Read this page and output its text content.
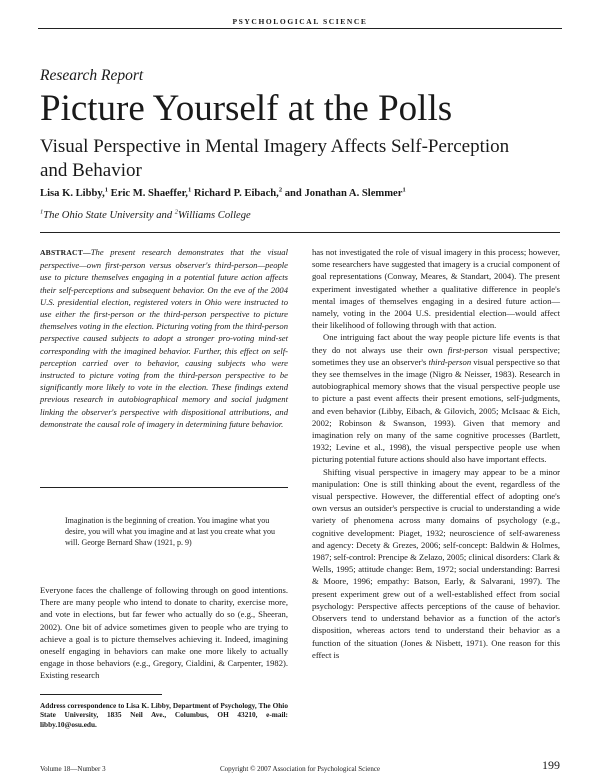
PSYCHOLOGICAL SCIENCE
Research Report
Picture Yourself at the Polls
Visual Perspective in Mental Imagery Affects Self-Perception and Behavior
Lisa K. Libby,$^1$ Eric M. Shaeffer,$^1$ Richard P. Eibach,$^2$ and Jonathan A. Slemmer$^1$
$^1$The Ohio State University and $^2$Williams College
ABSTRACT—The present research demonstrates that the visual perspective—own first-person versus observer's third-person—people use to picture themselves engaging in a potential future action affects their self-perceptions and subsequent behavior. On the eve of the 2004 U.S. presidential election, registered voters in Ohio were instructed to use either the first-person or the third-person perspective to picture themselves voting in the election. Picturing voting from the third-person perspective caused subjects to adopt a stronger pro-voting mind-set corresponding with the imagined behavior. Further, this effect on self-perception carried over to behavior, causing subjects who were instructed to picture voting from the third-person perspective to be significantly more likely to vote in the election. These findings extend previous research in autobiographical memory and social judgment linking the observer's perspective with dispositional attributions, and demonstrate the causal role of imagery in determining future behavior.
Imagination is the beginning of creation. You imagine what you desire, you will what you imagine and at last you create what you will. George Bernard Shaw (1921, p. 9)

Everyone faces the challenge of following through on good intentions. There are many people who intend to donate to charity, exercise more, and vote in elections, but far fewer who actually do so (e.g., Sheeran, 2002). One bit of advice sometimes given to people who are trying to achieve a goal is to picture themselves achieving it. Indeed, imagining oneself engaging in behaviors can make one more likely to actually engage in those behaviors (e.g., Gregory, Cialdini, & Carpenter, 1982). Existing research

Address correspondence to Lisa K. Libby, Department of Psychology, The Ohio State University, 1835 Neil Ave., Columbus, OH 43210, e-mail: libby.10@osu.edu.

has not investigated the role of visual imagery in this process; however, some researchers have suggested that imagery is a crucial component of goal representations (Conway, Meares, & Standart, 2004). The present experiment investigated whether a qualitative difference in people's mental images of themselves engaging in a desired future action—namely, voting in the 2004 U.S. presidential election—would affect their likelihood of following through with that action.

One intriguing fact about the way people picture life events is that they do not always use their own first-person visual perspective; sometimes they use an observer's third-person visual perspective so that they see themselves in the image (Nigro & Neisser, 1983). Research in autobiographical memory shows that the visual perspective people use to picture a past event affects their present emotions, self-judgments, and even behavior (Libby, Eibach, & Gilovich, 2005; McIsaac & Eich, 2002; Robinson & Swanson, 1993). Given that memory and imagination rely on many of the same cognitive processes (Bartlett, 1932; Levine et al., 1998), the visual perspective people use when picturing potential future actions should also have important effects.

Shifting visual perspective in imagery may appear to be a minor manipulation: One is still thinking about the event, regardless of the visual perspective. However, the differential effect of adopting one's own versus an outsider's perspective is crucial to understanding a wide variety of phenomena across many domains of psychology (e.g., cognitive development: Piaget, 1932; neuroscience of self-awareness and agency: Decety & Grezes, 2006; self-concept: Baldwin & Holmes, 1987; self-control: Prencipe & Zelazo, 2005; clinical disorders: Clark & Wells, 1995; attitude change: Bem, 1972; social understanding: Barresi & Moore, 1996; empathy: Batson, Early, & Salvarani, 1997). The present experiment grew out of a well-established effect from social psychology: Perspective affects perceptions of the cause of behavior. Observers tend to understand behavior as a function of the actor's disposition, whereas actors tend to understand their behavior as a function of the situation (Jones & Nisbett, 1971). One reason for this effect is

Volume 18—Number 3	Copyright © 2007 Association for Psychological Science	199
